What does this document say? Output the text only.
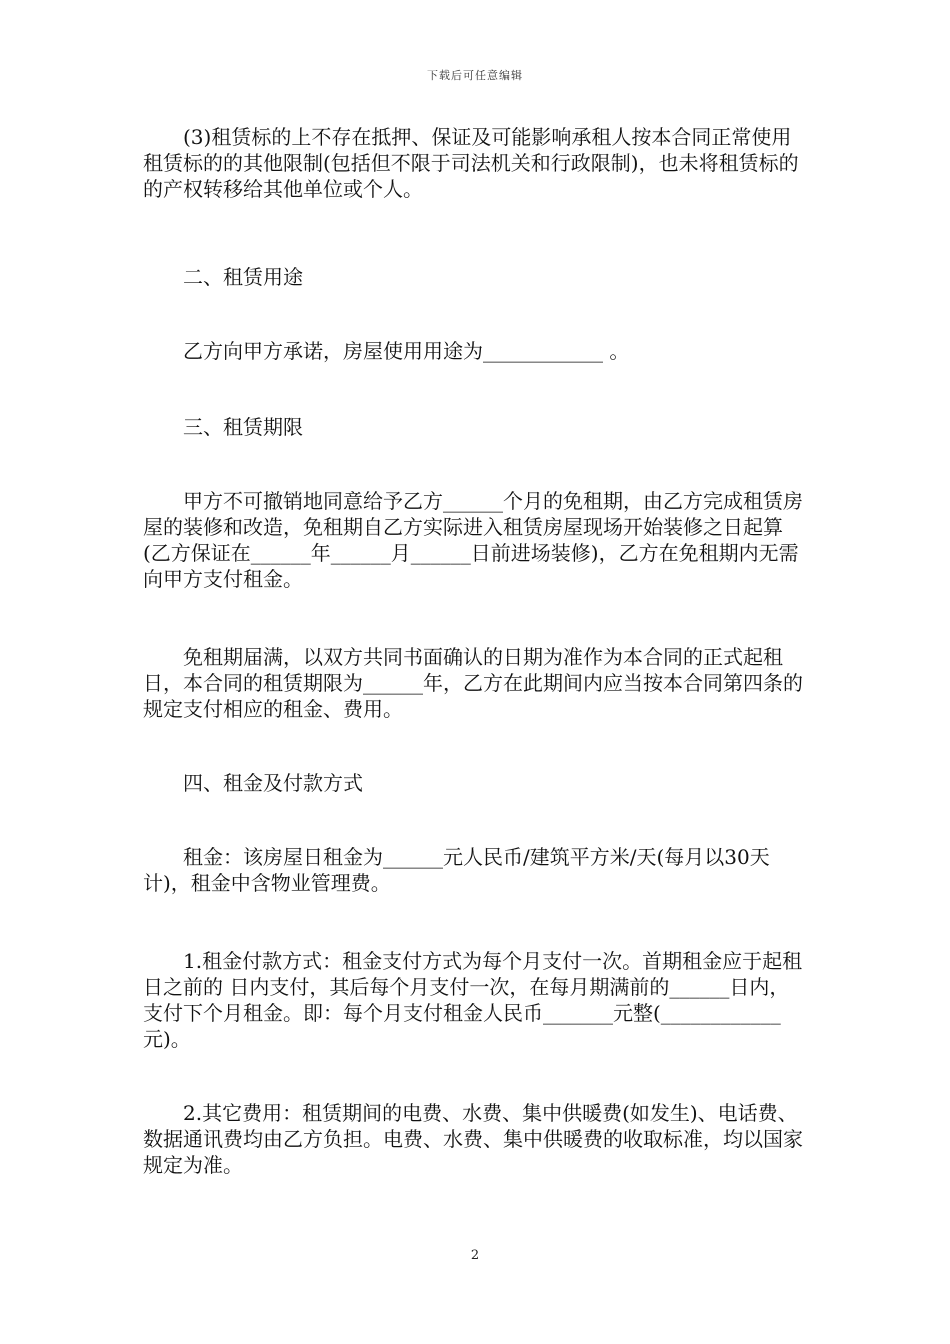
下载后可任意编辑

(3)租赁标的上不存在抵押、保证及可能影响承租人按本合同正常使用租赁标的的其他限制(包括但不限于司法机关和行政限制)，也未将租赁标的的产权转移给其他单位或个人。

二、租赁用途

乙方向甲方承诺，房屋使用用途为____________ 。

三、租赁期限

甲方不可撤销地同意给予乙方______个月的免租期，由乙方完成租赁房屋的装修和改造，免租期自乙方实际进入租赁房屋现场开始装修之日起算(乙方保证在______年______月______日前进场装修)，乙方在免租期内无需向甲方支付租金。

免租期届满，以双方共同书面确认的日期为准作为本合同的正式起租日，本合同的租赁期限为______年，乙方在此期间内应当按本合同第四条的规定支付相应的租金、费用。

四、租金及付款方式

租金：该房屋日租金为______元人民币/建筑平方米/天(每月以30天计)，租金中含物业管理费。

1.租金付款方式：租金支付方式为每个月支付一次。首期租金应于起租日之前的 日内支付，其后每个月支付一次，在每月期满前的______日内，支付下个月租金。即：每个月支付租金人民币_______元整(____________元)。

2.其它费用：租赁期间的电费、水费、集中供暖费(如发生)、电话费、数据通讯费均由乙方负担。电费、水费、集中供暖费的收取标准，均以国家规定为准。

2
